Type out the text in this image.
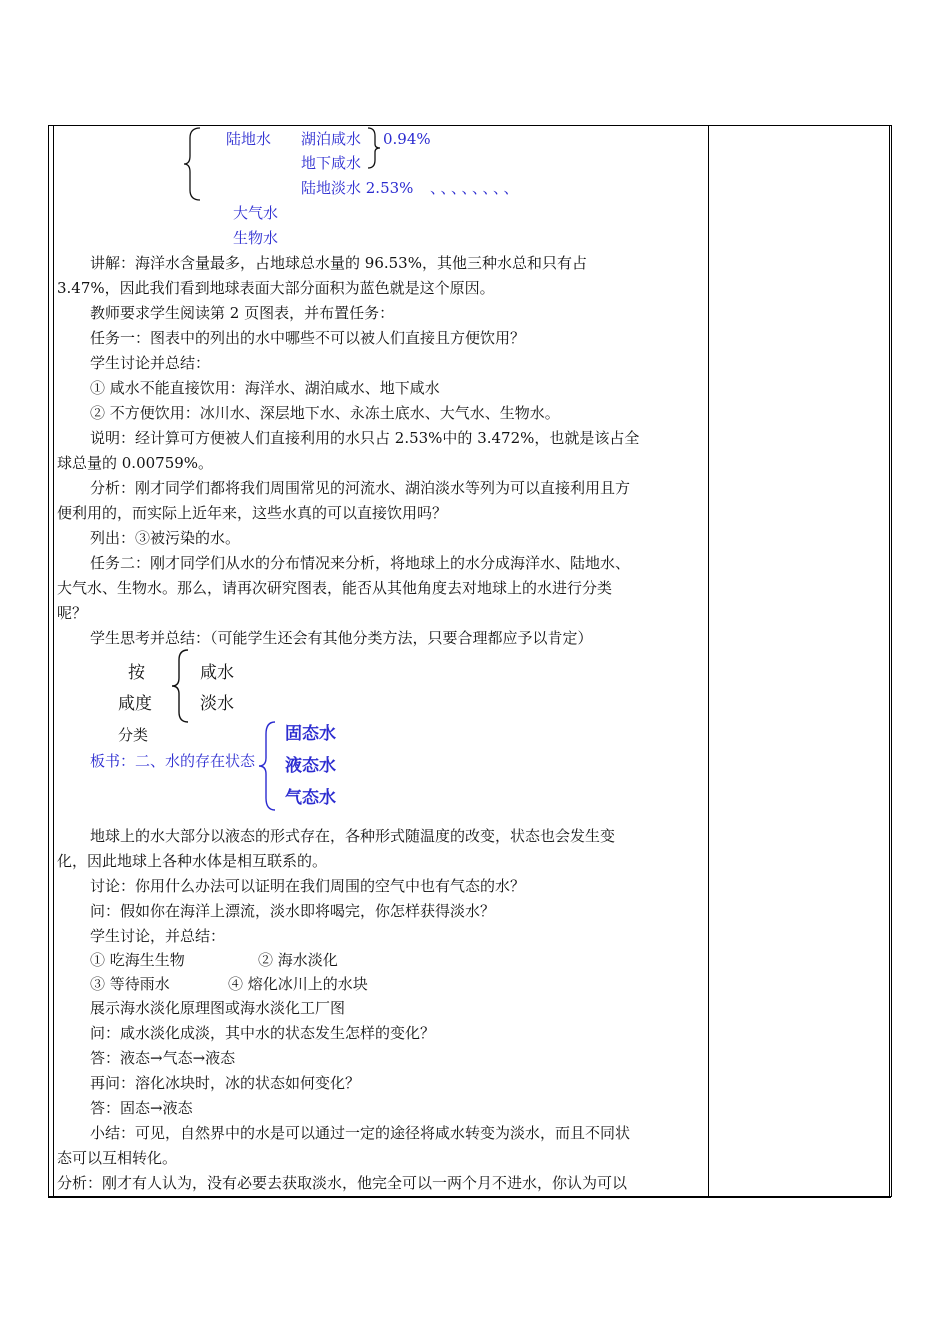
陆地水 湖泊咸水 0.94%
地下咸水
陆地淡水 2.53% 、、、、、、、、
大气水
生物水
讲解：海洋水含量最多，占地球总水量的 96.53%，其他三种水总和只有占
3.47%，因此我们看到地球表面大部分面积为蓝色就是这个原因。
教师要求学生阅读第 2 页图表，并布置任务：
任务一：图表中的列出的水中哪些不可以被人们直接且方便饮用？
学生讨论并总结：
① 咸水不能直接饮用：海洋水、湖泊咸水、地下咸水
② 不方便饮用：冰川水、深层地下水、永冻土底水、大气水、生物水。
说明：经计算可方便被人们直接利用的水只占 2.53%中的 3.472%，也就是该占全
球总量的 0.00759%。
分析：刚才同学们都将我们周围常见的河流水、湖泊淡水等列为可以直接利用且方
便利用的，而实际上近年来，这些水真的可以直接饮用吗？
列出：③被污染的水。
任务二：刚才同学们从水的分布情况来分析，将地球上的水分成海洋水、陆地水、
大气水、生物水。那么，请再次研究图表，能否从其他角度去对地球上的水进行分类
呢？
学生思考并总结：（可能学生还会有其他分类方法，只要合理都应予以肯定）
按
咸度
分类
咸水
淡水
板书：二、水的存在状态
固态水
液态水
气态水
地球上的水大部分以液态的形式存在，各种形式随温度的改变，状态也会发生变
化，因此地球上各种水体是相互联系的。
讨论：你用什么办法可以证明在我们周围的空气中也有气态的水？
问：假如你在海洋上漂流，淡水即将喝完，你怎样获得淡水？
学生讨论，并总结：
① 吃海生生物	② 海水淡化
③ 等待雨水	④ 熔化冰川上的水块
展示海水淡化原理图或海水淡化工厂图
问：咸水淡化成淡，其中水的状态发生怎样的变化？
答：液态→气态→液态
再问：溶化冰块时，冰的状态如何变化？
答：固态→液态
小结：可见，自然界中的水是可以通过一定的途径将咸水转变为淡水，而且不同状
态可以互相转化。
分析：刚才有人认为，没有必要去获取淡水，他完全可以一两个月不进水，你认为可以
